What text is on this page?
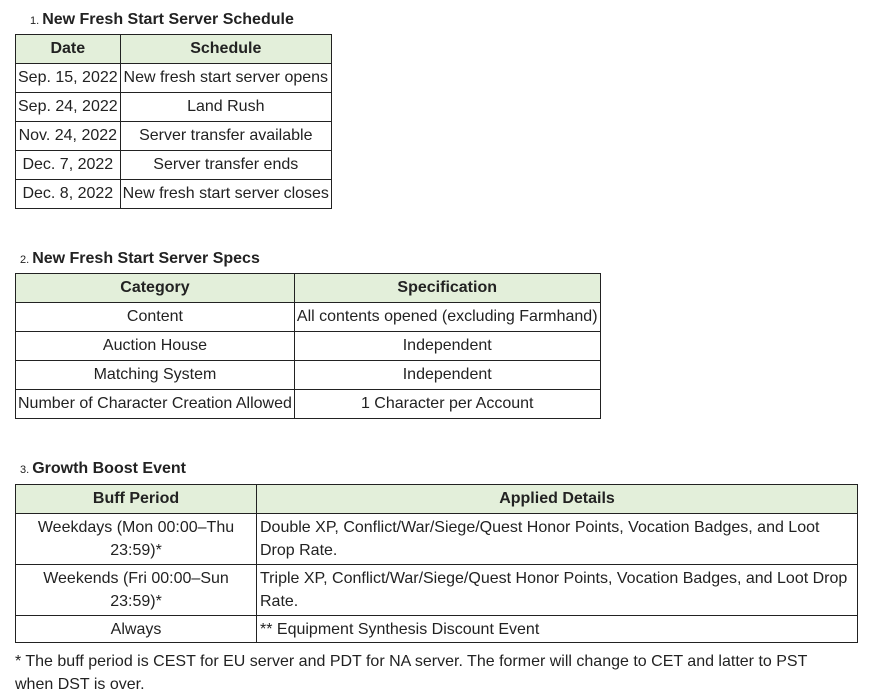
1. New Fresh Start Server Schedule
Date	Schedule
Sep. 15, 2022	New fresh start server opens
Sep. 24, 2022	Land Rush
Nov. 24, 2022	Server transfer available
Dec. 7, 2022	Server transfer ends
Dec. 8, 2022	New fresh start server closes
2. New Fresh Start Server Specs
Category	Specification
Content	All contents opened (excluding Farmhand)
Auction House	Independent
Matching System	Independent
Number of Character Creation Allowed	1 Character per Account
3. Growth Boost Event
Buff Period	Applied Details
Weekdays (Mon 00:00–Thu 23:59)*	Double XP, Conflict/War/Siege/Quest Honor Points, Vocation Badges, and Loot Drop Rate.
Weekends (Fri 00:00–Sun 23:59)*	Triple XP, Conflict/War/Siege/Quest Honor Points, Vocation Badges, and Loot Drop Rate.
Always	** Equipment Synthesis Discount Event
* The buff period is CEST for EU server and PDT for NA server. The former will change to CET and latter to PST when DST is over.
